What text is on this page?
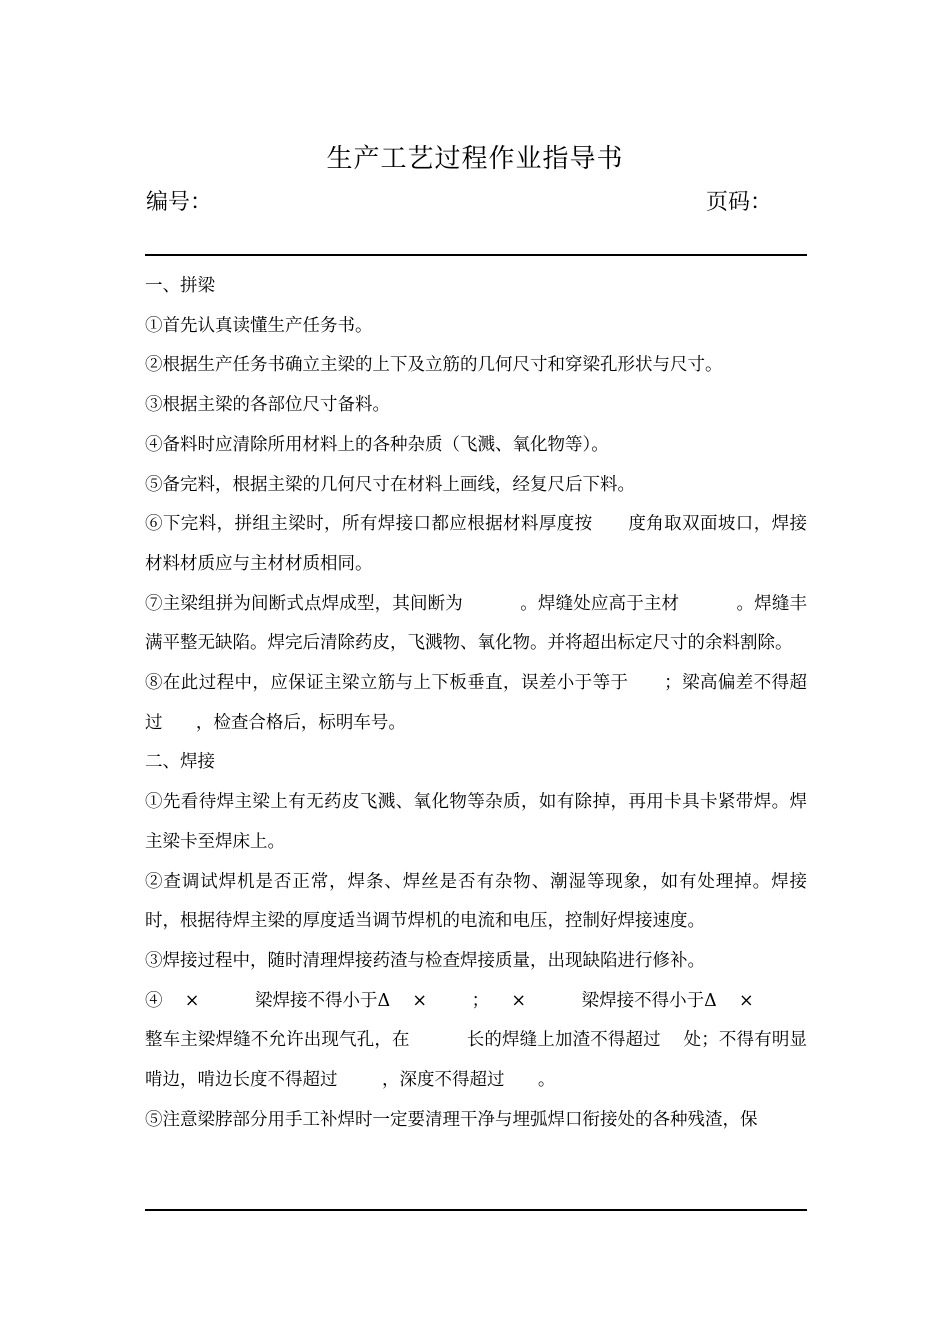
生产工艺过程作业指导书
编号：	页码：

一、拼梁

①首先认真读懂生产任务书。

②根据生产任务书确立主梁的上下及立筋的几何尺寸和穿梁孔形状与尺寸。

③根据主梁的各部位尺寸备料。

④备料时应清除所用材料上的各种杂质（飞溅、氧化物等）。

⑤备完料，根据主梁的几何尺寸在材料上画线，经复尺后下料。

⑥下完料，拼组主梁时，所有焊接口都应根据材料厚度按      度角取双面坡口，焊接材料材质应与主材材质相同。

⑦主梁组拼为间断式点焊成型，其间断为          。焊缝处应高于主材          。焊缝丰满平整无缺陷。焊完后清除药皮，飞溅物、氧化物。并将超出标定尺寸的余料割除。

⑧在此过程中，应保证主梁立筋与上下板垂直，误差小于等于      ；梁高偏差不得超过      ，检查合格后，标明车号。

二、焊接

①先看待焊主梁上有无药皮飞溅、氧化物等杂质，如有除掉，再用卡具卡紧带焊。焊主梁卡至焊床上。

②查调试焊机是否正常，焊条、焊丝是否有杂物、潮湿等现象，如有处理掉。焊接时，根据待焊主梁的厚度适当调节焊机的电流和电压，控制好焊接速度。

③焊接过程中，随时清理焊接药渣与检查焊接质量，出现缺陷进行修补。

④    ×          梁焊接不得小于Δ    ×        ；    ×          梁焊接不得小于Δ    ×

整车主梁焊缝不允许出现气孔，在          长的焊缝上加渣不得超过    处；不得有明显啃边，啃边长度不得超过        ，深度不得超过      。

⑤注意梁脖部分用手工补焊时一定要清理干净与埋弧焊口衔接处的各种残渣，保
